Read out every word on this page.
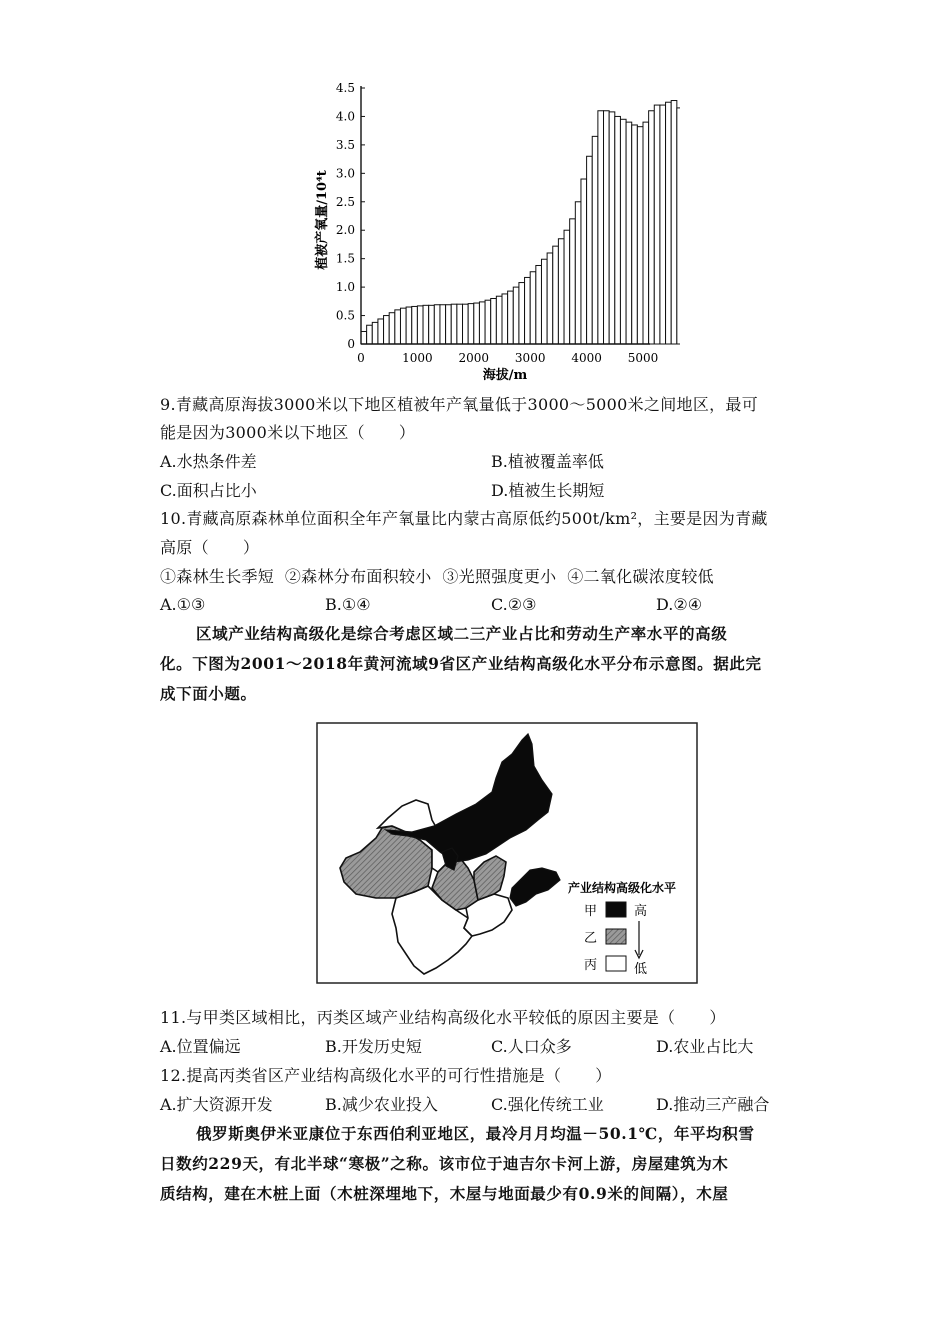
0
0.5
1.0
1.5
2.0
2.5
3.0
3.5
4.0
4.5
0	1000 2000 3000 4000 5000
植被产氧量/10⁴t
海拔/m
9.青藏高原海拔3000米以下地区植被年产氧量低于3000～5000米之间地区，最可
能是因为3000米以下地区（ ）
A.水热条件差	B.植被覆盖率低
C.面积占比小	D.植被生长期短
10.青藏高原森林单位面积全年产氧量比内蒙古高原低约500t/km²，主要是因为青藏
高原（ ）
①森林生长季短  ②森林分布面积较小  ③光照强度更小  ④二氧化碳浓度较低
A.①③	B.①④	C.②③	D.②④
区域产业结构高级化是综合考虑区域二三产业占比和劳动生产率水平的高级
化。下图为2001～2018年黄河流域9省区产业结构高级化水平分布示意图。据此完
成下面小题。
产业结构高级化水平
甲	高
乙
丙	低
11.与甲类区域相比，丙类区域产业结构高级化水平较低的原因主要是（ ）
A.位置偏远	B.开发历史短	C.人口众多	D.农业占比大
12.提高丙类省区产业结构高级化水平的可行性措施是（ ）
A.扩大资源开发	B.减少农业投入	C.强化传统工业	D.推动三产融合
俄罗斯奥伊米亚康位于东西伯利亚地区，最冷月月均温－50.1℃，年平均积雪
日数约229天，有北半球“寒极”之称。该市位于迪吉尔卡河上游，房屋建筑为木
质结构，建在木桩上面（木桩深埋地下，木屋与地面最少有0.9米的间隔），木屋
